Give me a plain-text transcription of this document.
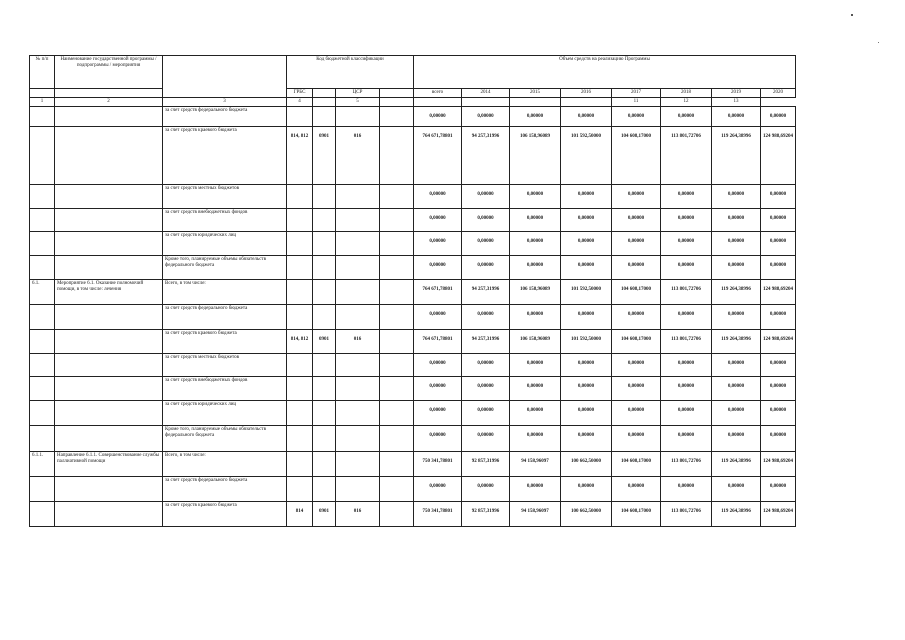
№ п/п	Наименование государственной программы / подпрограммы / мероприятия		Код бюджетной классификации				Объем средств на реализацию Программы							

			ГРБС		ЦСР		всего	2014	2015	2016	2017	2018	2019	2020
1	2	3	4		5						11	12	13	
		за счет средств федерального бюджета					0,00000	0,00000	0,00000	0,00000	0,00000	0,00000	0,00000	0,00000

		за счет средств краевого бюджета	814, 812	0901	016		764 671,78801	94 257,31996	106 158,96089	101 592,50000	104 608,17000	113 801,72706	119 264,38996	124 988,69204

		за счет средств местных бюджетов					0,00000	0,00000	0,00000	0,00000	0,00000	0,00000	0,00000	0,00000

		за счет средств внебюджетных фондов					0,00000	0,00000	0,00000	0,00000	0,00000	0,00000	0,00000	0,00000

		за счет средств юридических лиц					0,00000	0,00000	0,00000	0,00000	0,00000	0,00000	0,00000	0,00000

		Кроме того, планируемые объемы обязательств федерального бюджета					0,00000	0,00000	0,00000	0,00000	0,00000	0,00000	0,00000	0,00000

6.1.	Мероприятие 6.1. Оказание полномочий помощи, в том числе: лечения	Всего, в том числе:					764 671,78801	94 257,31996	106 158,96089	101 592,50000	104 608,17000	113 801,72706	119 264,38996	124 988,69204

		за счет средств федерального бюджета					0,00000	0,00000	0,00000	0,00000	0,00000	0,00000	0,00000	0,00000

		за счет средств краевого бюджета	814, 812	0901	016		764 671,78801	94 257,31996	106 158,96089	101 592,50000	104 608,17000	113 801,72706	119 264,38996	124 988,69204

		за счет средств местных бюджетов					0,00000	0,00000	0,00000	0,00000	0,00000	0,00000	0,00000	0,00000

		за счет средств внебюджетных фондов					0,00000	0,00000	0,00000	0,00000	0,00000	0,00000	0,00000	0,00000

		за счет средств юридических лиц					0,00000	0,00000	0,00000	0,00000	0,00000	0,00000	0,00000	0,00000

		Кроме того, планируемые объемы обязательств федерального бюджета					0,00000	0,00000	0,00000	0,00000	0,00000	0,00000	0,00000	0,00000

6.1.1.	Направление 6.1.1. Совершенствование службы паллиативной помощи	Всего, в том числе:					750 341,78801	92 857,31996	94 158,96097	100 662,50000	104 608,17000	113 801,72706	119 264,38996	124 988,69204

		за счет средств федерального бюджета					0,00000	0,00000	0,00000	0,00000	0,00000	0,00000	0,00000	0,00000

		за счет средств краевого бюджета	814	0901	016		750 341,78801	92 857,31996	94 158,96097	100 662,50000	104 608,17000	113 801,72706	119 264,38996	124 988,69204
